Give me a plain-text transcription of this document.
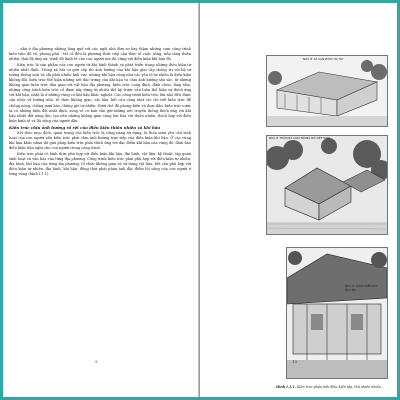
...nhà ở địa phương những làng quê với các ngôi nhà đơn sơ hay thậm những cụm công trình kiến trúc đô vộ, phong phú - tất cả đều là phương thức tiếp cận thực tế cuộc sống, tiễn tảng thiên nhiên, thái độ ứng xử, trình độ kinh tế của con người nơi đó, từng với điều kiện khí hậu đó.

Kiến trúc là sản phẩm của con người từ khi hình thành và phát triển trong những điều kiện tự nhiên nhất định. Trong xã hội cơ giới cấp thì ảnh hưởng của khí hậu giai cấp thống trị với hệ tư tưởng thống soái và chi phối nhiều lĩnh vực, nhưng khí hậu cũng như các yếu tố tự nhiên là điều kiện không đổi, kiến trúc thể hiện những nét đặc trưng của khí hậu và chịu ảnh hưởng sâu sắc, từ những không gian kiến trúc dân gian với vật liệu địa phương, kiến trúc cung đình, đình chùa, lăng tẩm, những công trình kiến trúc cổ được xây dựng từ nhiều thế kỷ trước vẫn luôn thể hiện sự thích ứng với khí hậu, nhất là ở những vùng có khí hậu khắc nghiệt. Các công trình kiến trúc lớn nhỏ đều được cân nhắc về hướng nhà, tổ chức không gian, vật liệu, kết cấu cũng như các chi tiết kiến trúc để chống nóng, chống mưa bão, thông gió tự nhiên. Dưới chế độ phong kiến và thực dân, kiến trúc nước ta có những biến đổi nhất định, song về cơ bản vẫn giữ những nét truyền thống thích ứng với khí hậu nhiệt đới nóng ẩm, tạo nên những không gian sống hài hòa với thiên nhiên, thích hợp với điều kiện kinh tế và lối sống của người dân.

Kiến trúc chịu ảnh hưởng rõ rệt của điều kiện thiên nhiên và khí hậu

Xét theo mục đích, quan trọng của kiến trúc là công năng sử dụng, là thỏa mãn yêu cầu sinh hoạt của con người nên kiến trúc phải chịu ảnh hưởng trực tiếp của điều kiện khí hậu. Ở các vùng khí hậu khác nhau thì giải pháp kiến trúc phải thích ứng với đặc điểm khí hậu của vùng đó, đảm bảo điều kiện tiện nghi cho con người trong công trình.

Kiến trúc phải có hình thức phù hợp với điều kiện khí hậu, địa hình, vật liệu, kỹ thuật, tập quán sinh hoạt và văn hóa của từng địa phương. Công trình kiến trúc phải phù hợp với điều kiện tự nhiên, địa hình, khí hậu của từng địa phương, tổ chức không gian và sử dụng vật liệu, kết cấu phù hợp với điều kiện tự nhiên, địa hình, khí hậu, đồng thời phải phản ánh đặc điểm lối sống của con người ở từng vùng (hình I.1.1).

9
NHÀ Ở XÃ VẠN PHÚC HÀ TÂY
NHÀ Ở THÔN BÁ CỤM TRUNG BỘ VIỆT NAM
NHÀ Ở VÙNG MIỀN NÚI BẮC BỘ
Hình I.1.1. Kiến trúc phản ánh điều kiện tập, thủ nhiên nhiều...
10
